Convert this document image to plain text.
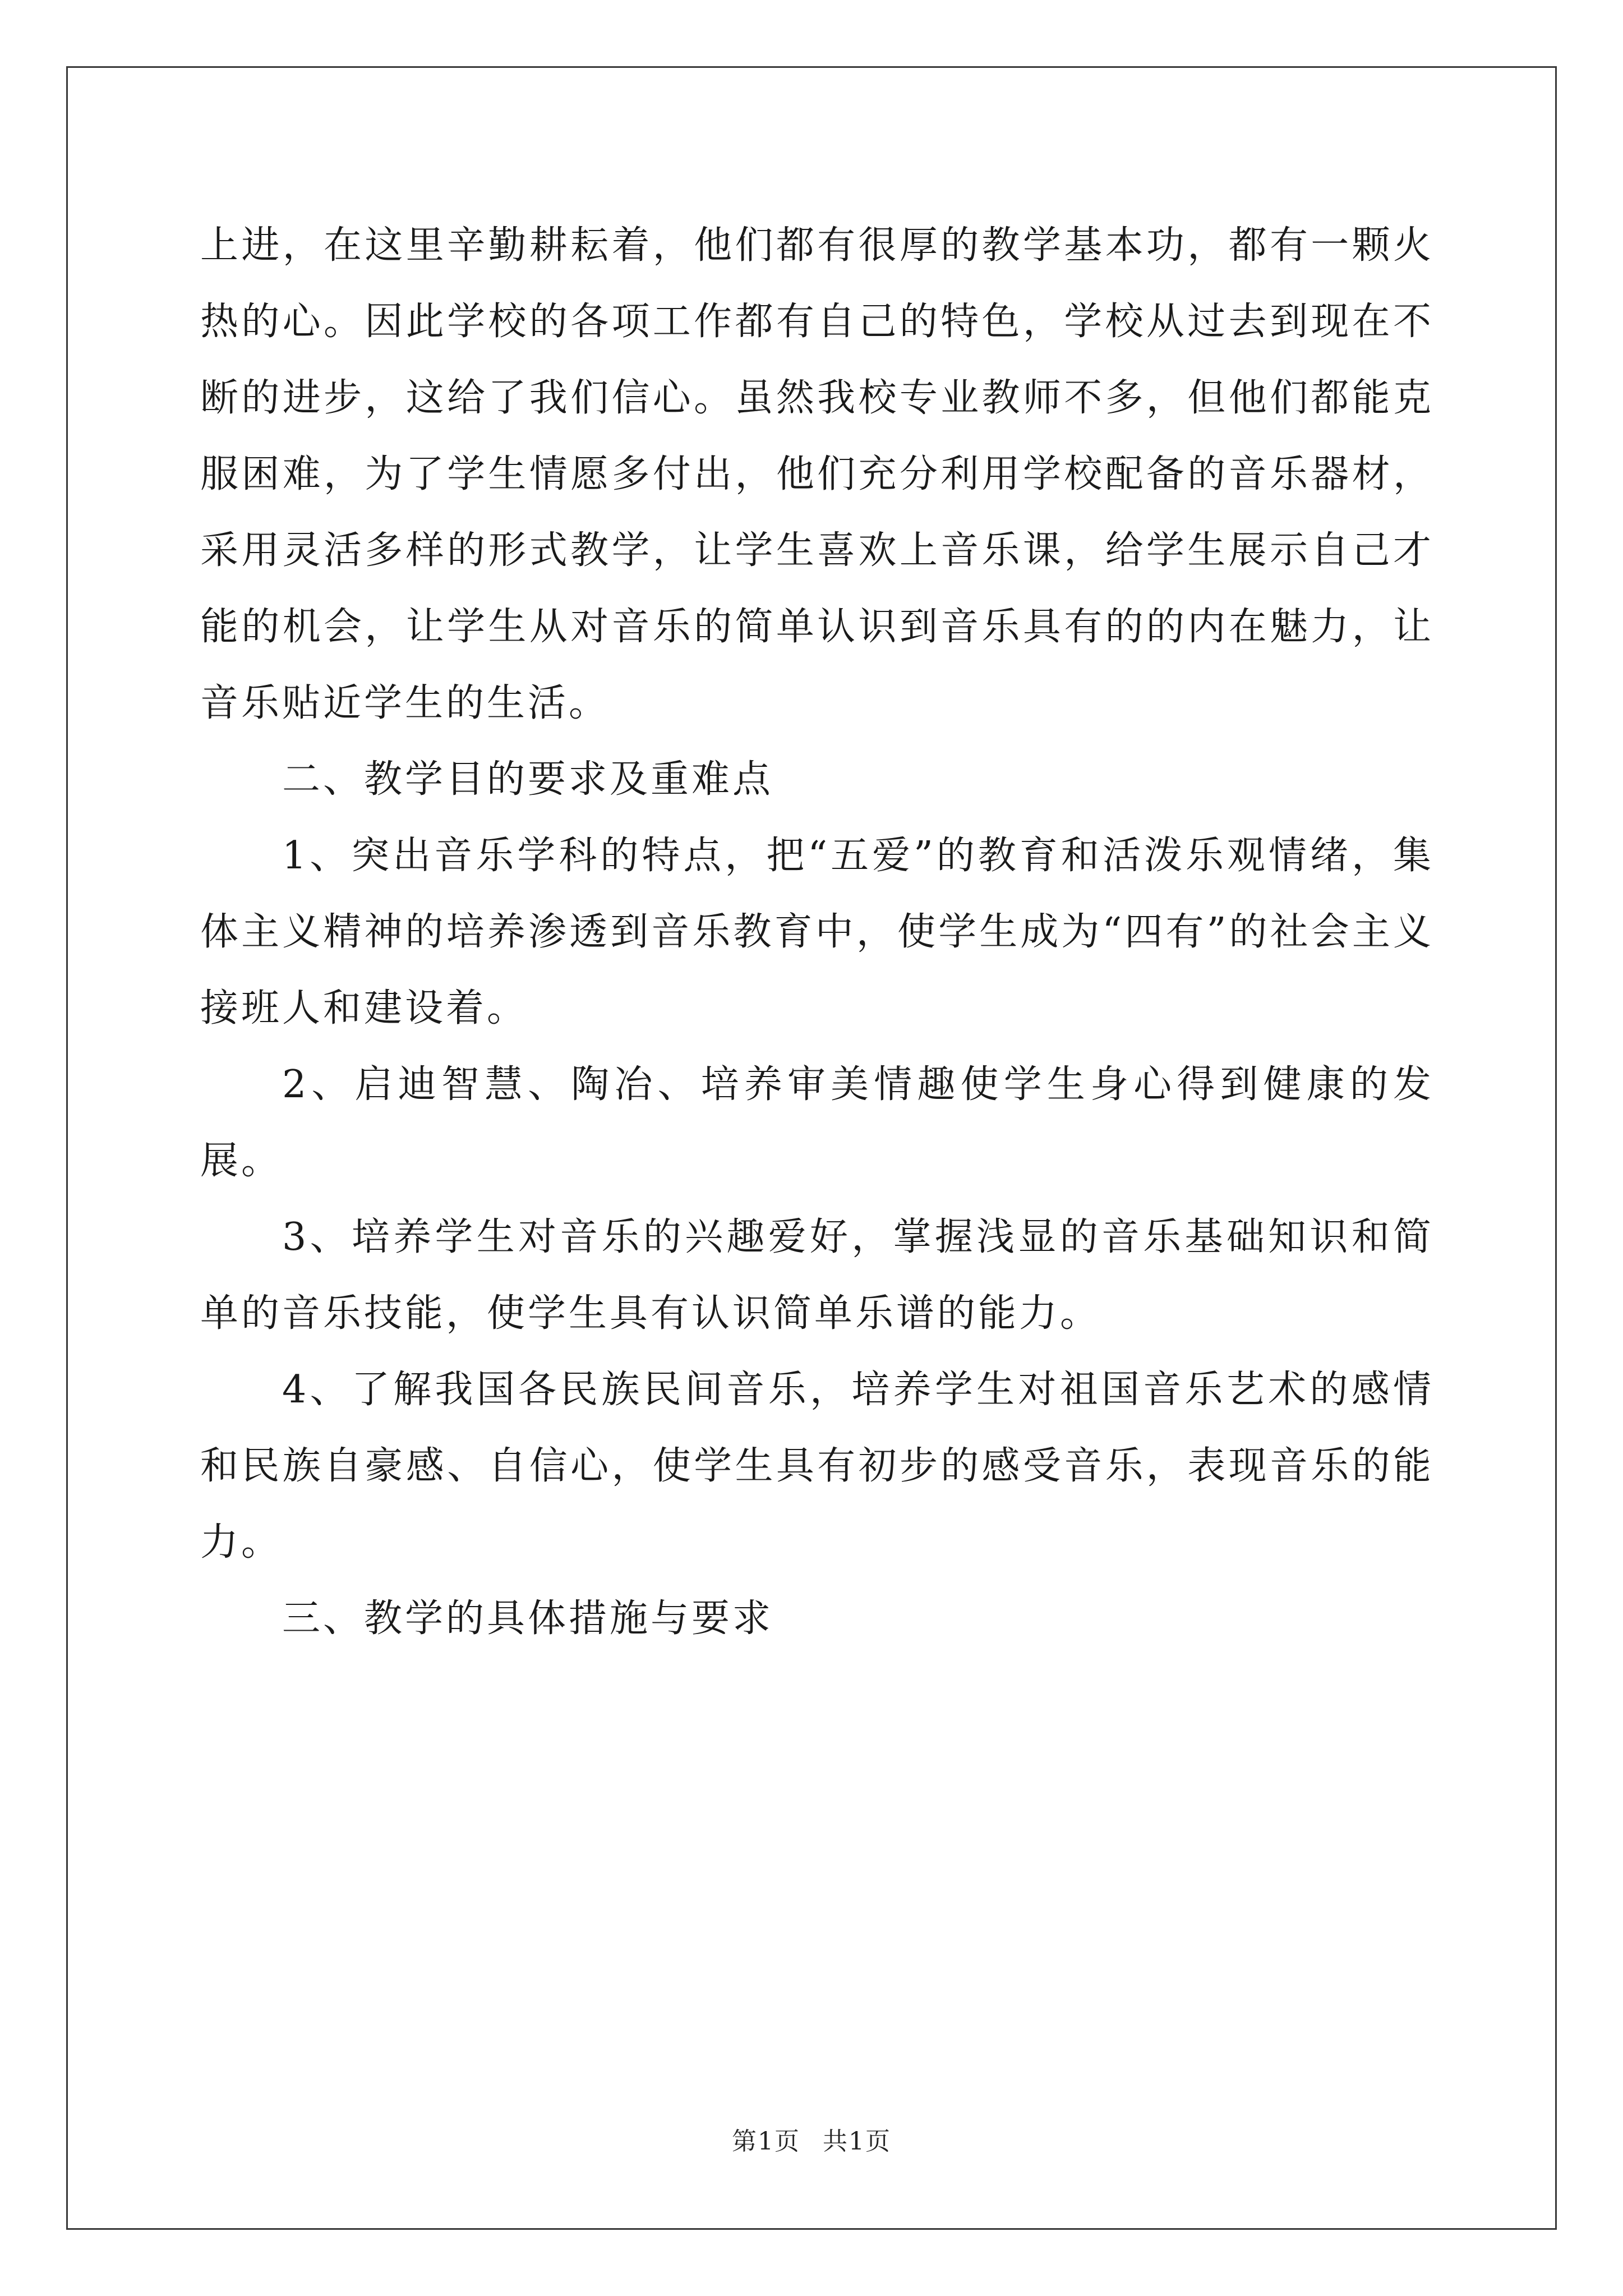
上进，在这里辛勤耕耘着，他们都有很厚的教学基本功，都有一颗火热的心。因此学校的各项工作都有自己的特色，学校从过去到现在不断的进步，这给了我们信心。虽然我校专业教师不多，但他们都能克服困难，为了学生情愿多付出，他们充分利用学校配备的音乐器材，采用灵活多样的形式教学，让学生喜欢上音乐课，给学生展示自己才能的机会，让学生从对音乐的简单认识到音乐具有的的内在魅力，让音乐贴近学生的生活。

二、教学目的要求及重难点

1、突出音乐学科的特点，把“五爱”的教育和活泼乐观情绪，集体主义精神的培养渗透到音乐教育中，使学生成为“四有”的社会主义接班人和建设着。

2、启迪智慧、陶冶、培养审美情趣使学生身心得到健康的发展。

3、培养学生对音乐的兴趣爱好，掌握浅显的音乐基础知识和简单的音乐技能，使学生具有认识简单乐谱的能力。

4、了解我国各民族民间音乐，培养学生对祖国音乐艺术的感情和民族自豪感、自信心，使学生具有初步的感受音乐，表现音乐的能力。

三、教学的具体措施与要求

第1页 共1页
